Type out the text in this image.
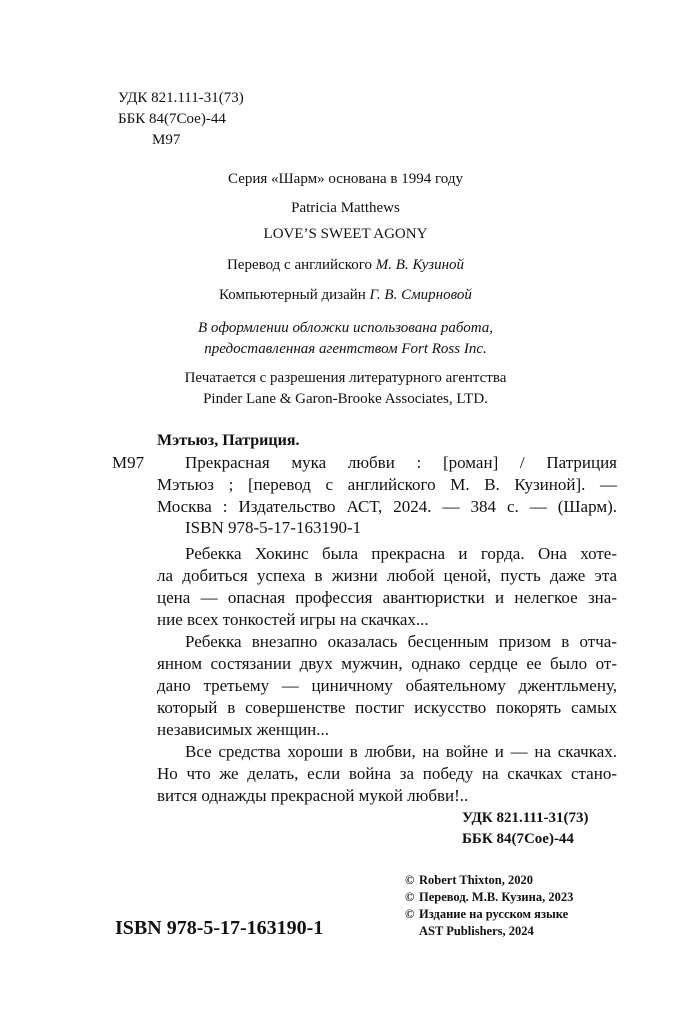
УДК 821.111-31(73)
ББК 84(7Сое)-44
М97
Серия «Шарм» основана в 1994 году
Patricia Matthews
LOVE’S SWEET AGONY
Перевод с английского М. В. Кузиной
Компьютерный дизайн Г. В. Смирновой
В оформлении обложки использована работа,
предоставленная агентством Fort Ross Inc.
Печатается с разрешения литературного агентства
Pinder Lane & Garon-Brooke Associates, LTD.
Мэтьюз, Патриция.
М97	Прекрасная мука любви : [роман] / Патриция

Мэтьюз ; [перевод с английского М. В. Кузиной]. —

Москва : Издательство АСТ, 2024. — 384 с. — (Шарм).

ISBN 978-5-17-163190-1
Ребекка Хокинс была прекрасна и горда. Она хоте-
ла добиться успеха в жизни любой ценой, пусть даже эта
цена — опасная профессия авантюристки и нелегкое зна-
ние всех тонкостей игры на скачках...
Ребекка внезапно оказалась бесценным призом в отча-
янном состязании двух мужчин, однако сердце ее было от-
дано третьему — циничному обаятельному джентльмену,
который в совершенстве постиг искусство покорять самых
независимых женщин...
Все средства хороши в любви, на войне и — на скачках.
Но что же делать, если война за победу на скачках стано-
вится однажды прекрасной мукой любви!..
УДК 821.111-31(73)
ББК 84(7Сое)-44
© Robert Thixton, 2020
© Перевод. М.В. Кузина, 2023
© Издание на русском языке
AST Publishers, 2024
ISBN 978-5-17-163190-1
